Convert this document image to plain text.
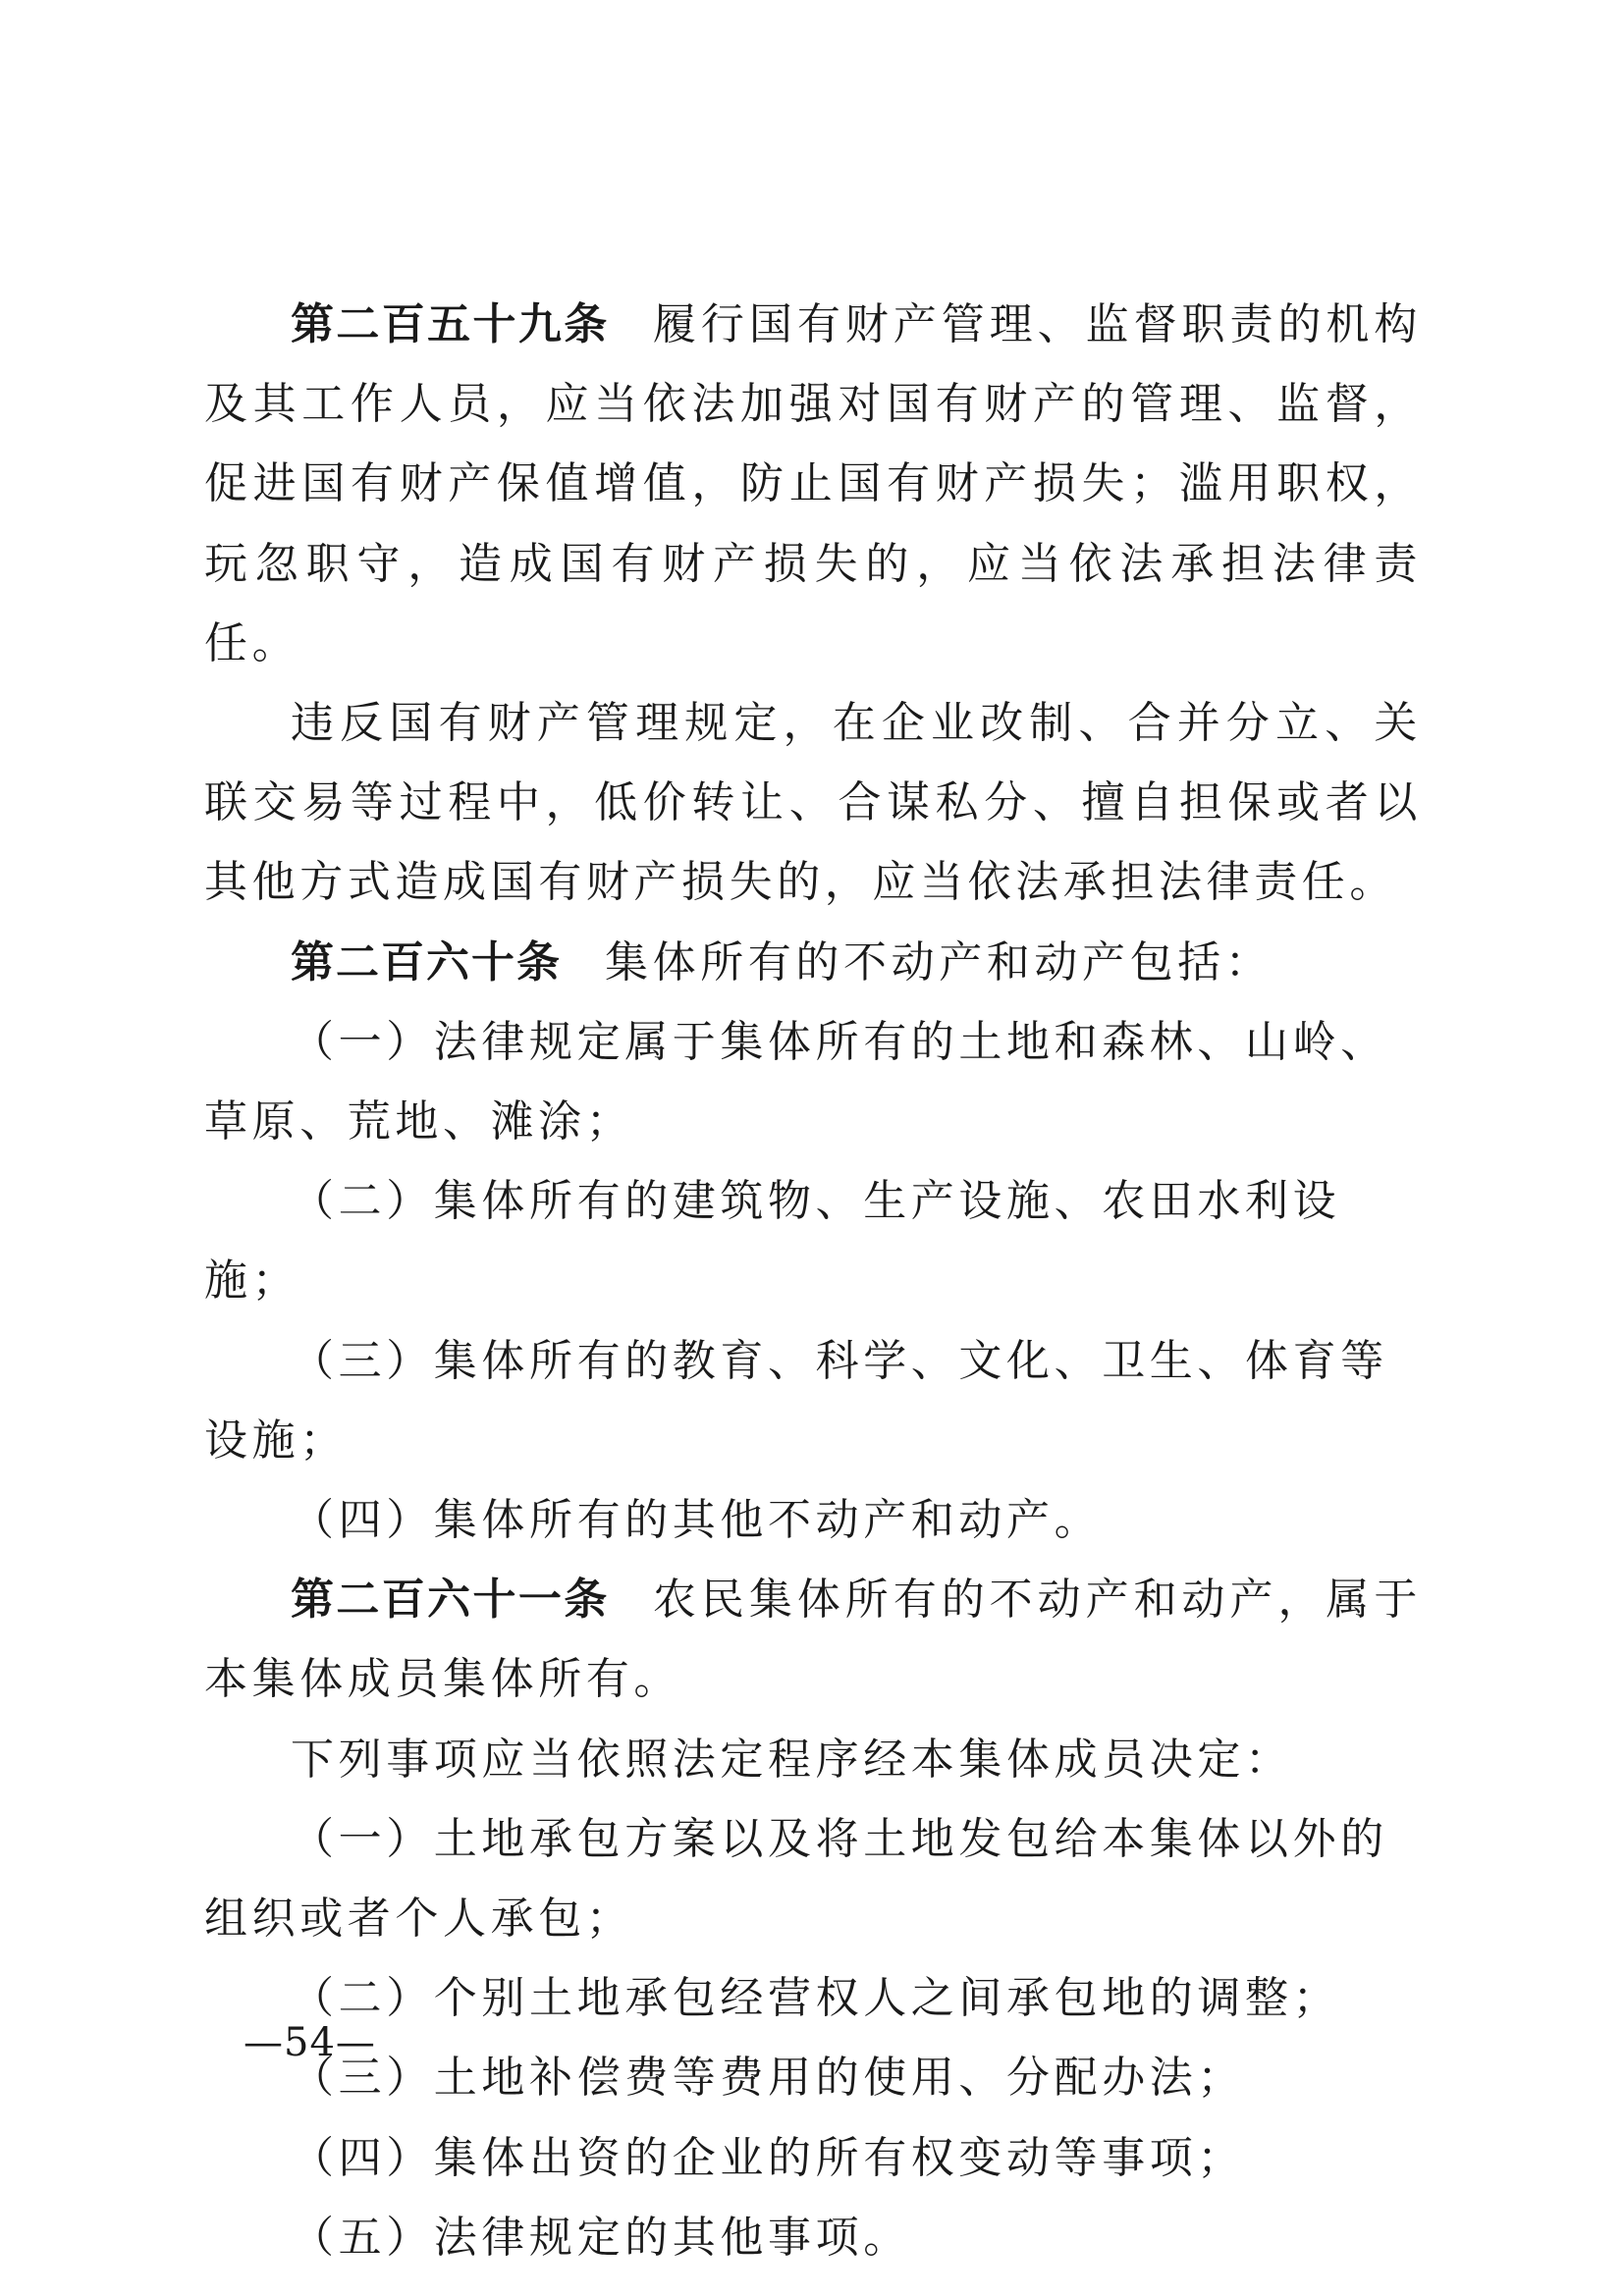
第二百五十九条 履行国有财产管理、监督职责的机构及其工作人员，应当依法加强对国有财产的管理、监督，促进国有财产保值增值，防止国有财产损失；滥用职权，玩忽职守，造成国有财产损失的，应当依法承担法律责任。

违反国有财产管理规定，在企业改制、合并分立、关联交易等过程中，低价转让、合谋私分、擅自担保或者以其他方式造成国有财产损失的，应当依法承担法律责任。

第二百六十条 集体所有的不动产和动产包括：

（一）法律规定属于集体所有的土地和森林、山岭、草原、荒地、滩涂；

（二）集体所有的建筑物、生产设施、农田水利设施；

（三）集体所有的教育、科学、文化、卫生、体育等设施；

（四）集体所有的其他不动产和动产。

第二百六十一条 农民集体所有的不动产和动产，属于本集体成员集体所有。

下列事项应当依照法定程序经本集体成员决定：

（一）土地承包方案以及将土地发包给本集体以外的组织或者个人承包；

（二）个别土地承包经营权人之间承包地的调整；

（三）土地补偿费等费用的使用、分配办法；

（四）集体出资的企业的所有权变动等事项；

（五）法律规定的其他事项。

—54—
